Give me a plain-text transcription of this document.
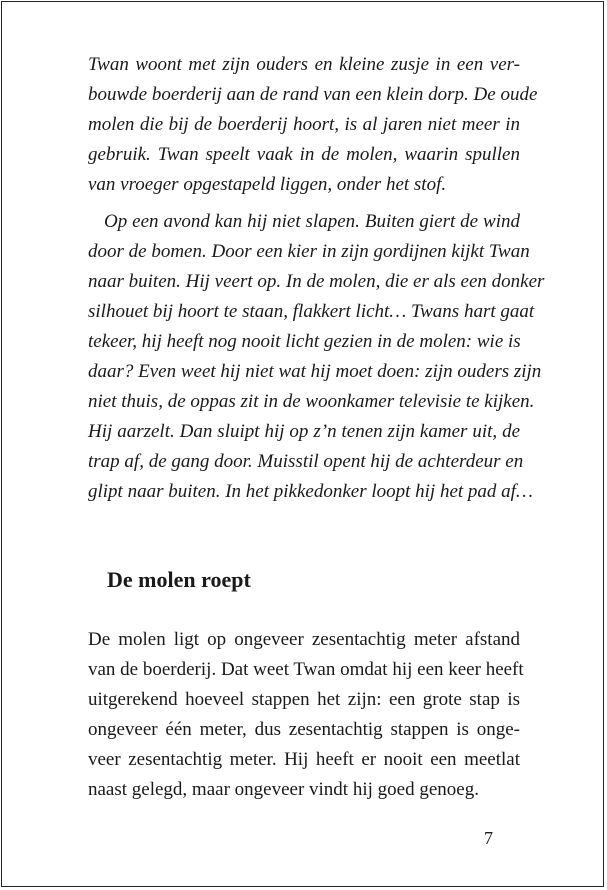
Twan woont met zijn ouders en kleine zusje in een ver-
bouwde boerderij aan de rand van een klein dorp. De oude
molen die bij de boerderij hoort, is al jaren niet meer in
gebruik. Twan speelt vaak in de molen, waarin spullen
van vroeger opgestapeld liggen, onder het stof.
Op een avond kan hij niet slapen. Buiten giert de wind
door de bomen. Door een kier in zijn gordijnen kijkt Twan
naar buiten. Hij veert op. In de molen, die er als een donker
silhouet bij hoort te staan, flakkert licht… Twans hart gaat
tekeer, hij heeft nog nooit licht gezien in de molen: wie is
daar? Even weet hij niet wat hij moet doen: zijn ouders zijn
niet thuis, de oppas zit in de woonkamer televisie te kijken.
Hij aarzelt. Dan sluipt hij op z’n tenen zijn kamer uit, de
trap af, de gang door. Muisstil opent hij de achterdeur en
glipt naar buiten. In het pikkedonker loopt hij het pad af…
De molen roept
De molen ligt op ongeveer zesentachtig meter afstand
van de boerderij. Dat weet Twan omdat hij een keer heeft
uitgerekend hoeveel stappen het zijn: een grote stap is
ongeveer één meter, dus zesentachtig stappen is onge-
veer zesentachtig meter. Hij heeft er nooit een meetlat
naast gelegd, maar ongeveer vindt hij goed genoeg.
7
